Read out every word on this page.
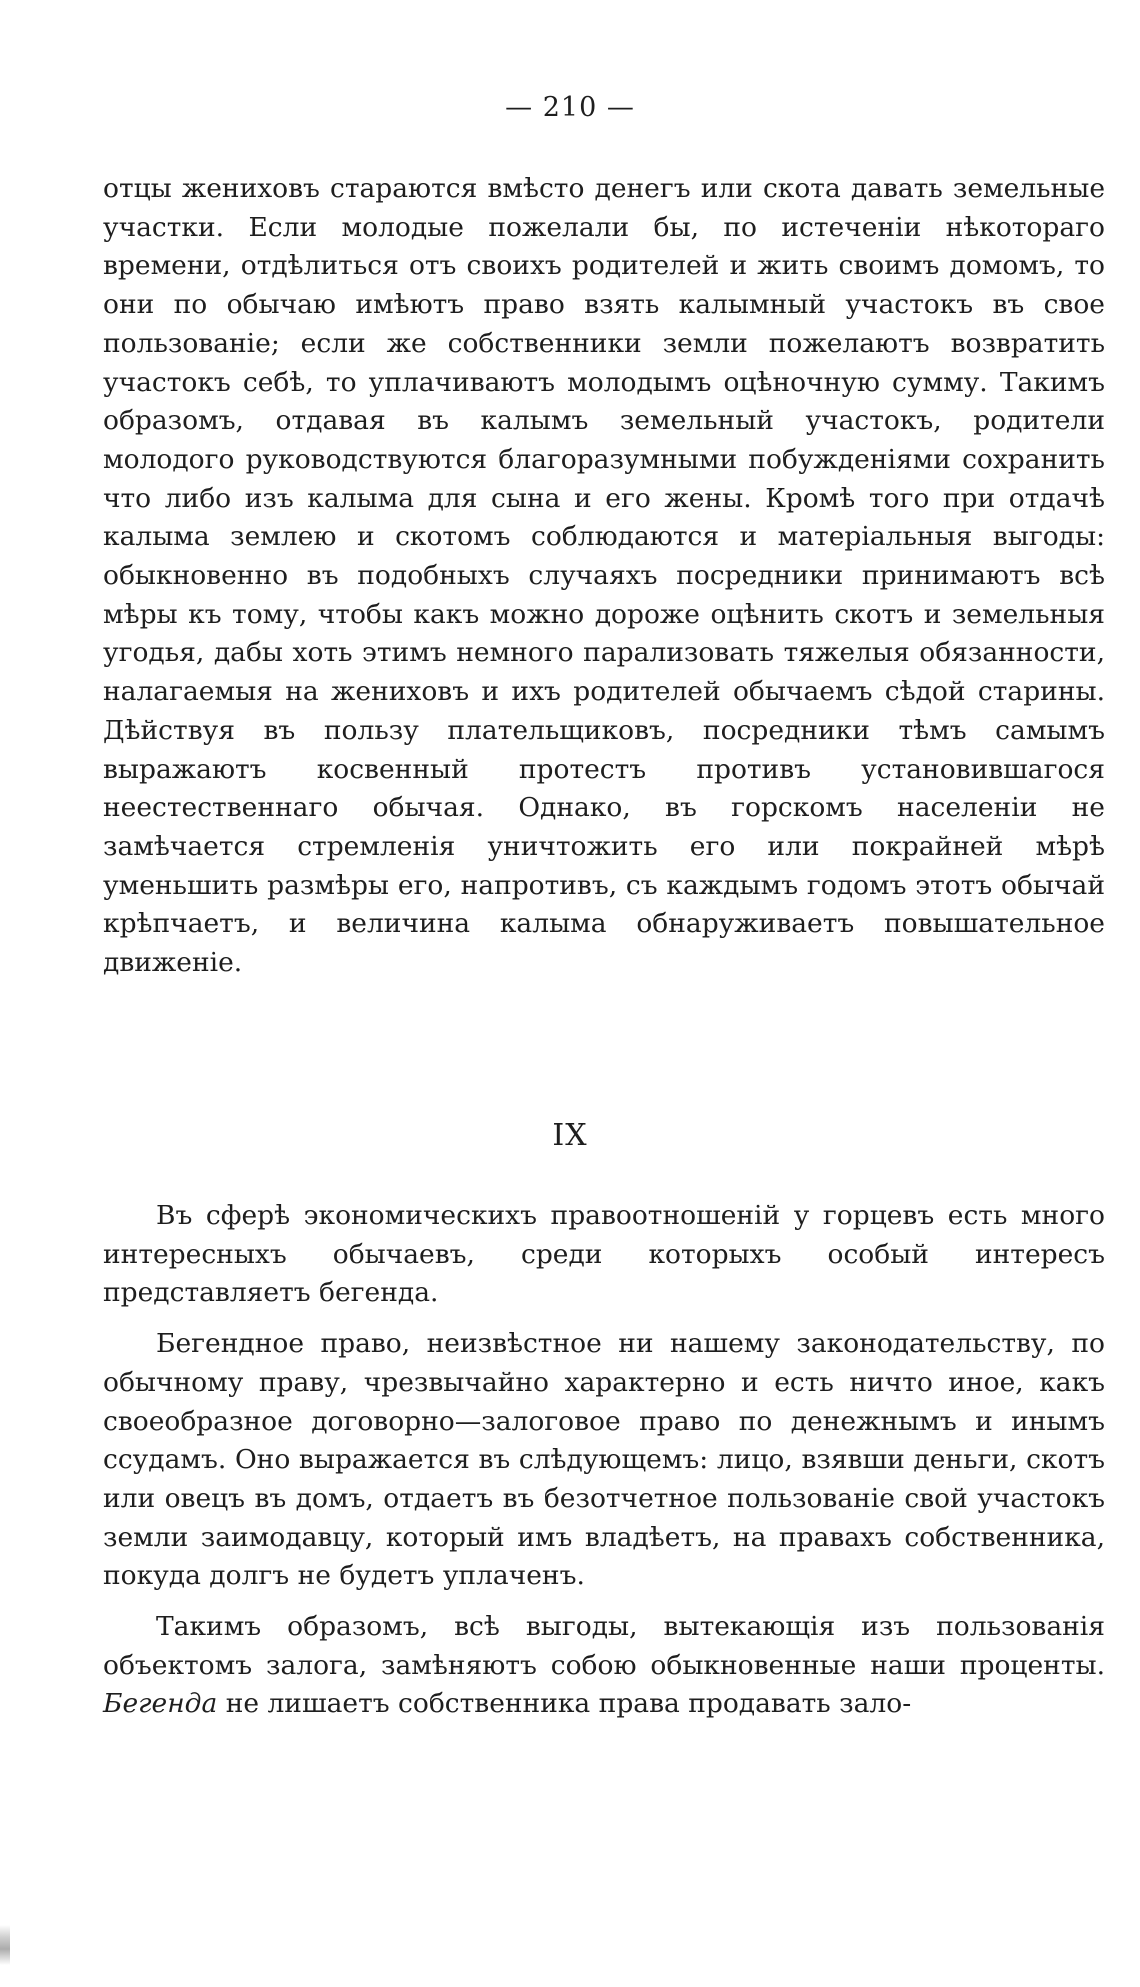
— 210 —

отцы жениховъ стараются вмѣсто денегъ или скота давать земельные участки. Если молодые пожелали бы, по истеченіи нѣкотораго времени, отдѣлиться отъ своихъ родителей и жить своимъ домомъ, то они по обычаю имѣютъ право взять калымный участокъ въ свое пользованіе; если же собственники земли пожелаютъ возвратить участокъ себѣ, то уплачиваютъ молодымъ оцѣночную сумму. Такимъ образомъ, отдавая въ калымъ земельный участокъ, родители молодого руководствуются благоразумными побужденіями сохранить что либо изъ калыма для сына и его жены. Кромѣ того при отдачѣ калыма землею и скотомъ соблюдаются и матеріальныя выгоды: обыкновенно въ подобныхъ случаяхъ посредники принимаютъ всѣ мѣры къ тому, чтобы какъ можно дороже оцѣнить скотъ и земельныя угодья, дабы хоть этимъ немного парализовать тяжелыя обязанности, налагаемыя на жениховъ и ихъ родителей обычаемъ сѣдой старины. Дѣйствуя въ пользу плательщиковъ, посредники тѣмъ самымъ выражаютъ косвенный протестъ противъ установившагося неестественнаго обычая. Однако, въ горскомъ населеніи не замѣчается стремленія уничтожить его или покрайней мѣрѣ уменьшить размѣры его, напротивъ, съ каждымъ годомъ этотъ обычай крѣпчаетъ, и величина калыма обнаруживаетъ повышательное движеніе.

IX

Въ сферѣ экономическихъ правоотношеній у горцевъ есть много интересныхъ обычаевъ, среди которыхъ особый интересъ представляетъ бегенда.

Бегендное право, неизвѣстное ни нашему законодательству, по обычному праву, чрезвычайно характерно и есть ничто иное, какъ своеобразное договорно—залоговое право по денежнымъ и инымъ ссудамъ. Оно выражается въ слѣдующемъ: лицо, взявши деньги, скотъ или овецъ въ домъ, отдаетъ въ безотчетное пользованіе свой участокъ земли заимодавцу, который имъ владѣетъ, на правахъ собственника, покуда долгъ не будетъ уплаченъ.

Такимъ образомъ, всѣ выгоды, вытекающія изъ пользованія объектомъ залога, замѣняютъ собою обыкновенные наши проценты. Бегенда не лишаетъ собственника права продавать зало-
